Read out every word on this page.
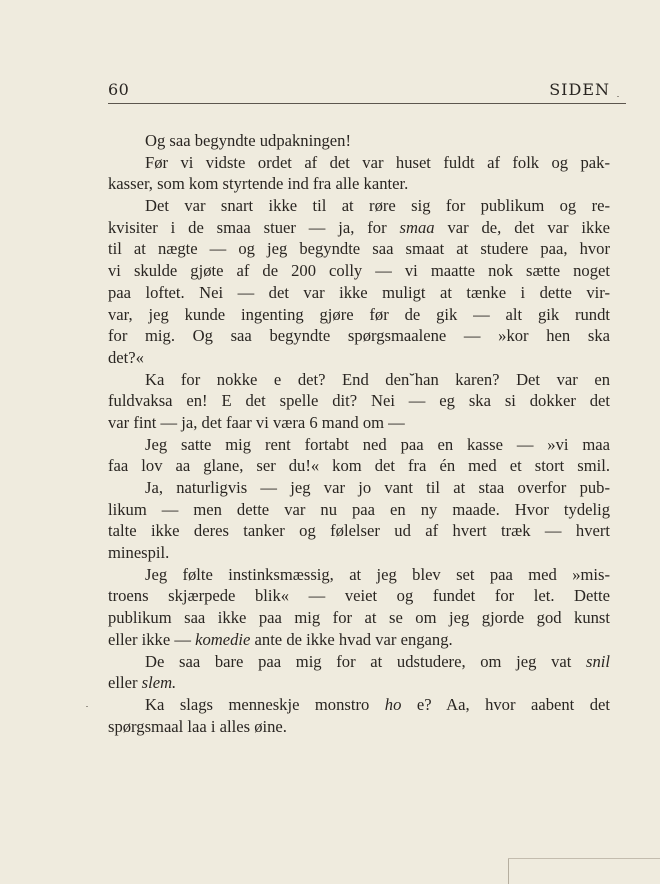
60	SIDEN
Og saa begyndte udpakningen!
Før vi vidste ordet af det var huset fuldt af folk og pak-
kasser, som kom styrtende ind fra alle kanter.
Det var snart ikke til at røre sig for publikum og re-
kvisiter i de smaa stuer — ja, for smaa var de, det var ikke
til at nægte — og jeg begyndte saa smaat at studere paa, hvor
vi skulde gjøte af de 200 colly — vi maatte nok sætte noget
paa loftet. Nei — det var ikke muligt at tænke i dette vir-
var, jeg kunde ingenting gjøre før de gik — alt gik rundt
for mig. Og saa begyndte spørgsmaalene — »kor hen ska
det?«
Ka for nokke e det? End den˘han karen? Det var en
fuldvaksa en! E det spelle dit? Nei — eg ska si dokker det
var fint — ja, det faar vi væra 6 mand om —
Jeg satte mig rent fortabt ned paa en kasse — »vi maa
faa lov aa glane, ser du!« kom det fra én med et stort smil.
Ja, naturligvis — jeg var jo vant til at staa overfor pub-
likum — men dette var nu paa en ny maade. Hvor tydelig
talte ikke deres tanker og følelser ud af hvert træk — hvert
minespil.
Jeg følte instinksmæssig, at jeg blev set paa med »mis-
troens skjærpede blik« — veiet og fundet for let. Dette
publikum saa ikke paa mig for at se om jeg gjorde god kunst
eller ikke — komedie ante de ikke hvad var engang.
De saa bare paa mig for at udstudere, om jeg vat snil
eller slem.
Ka slags menneskje monstro ho e? Aa, hvor aabent det
spørgsmaal laa i alles øine.
